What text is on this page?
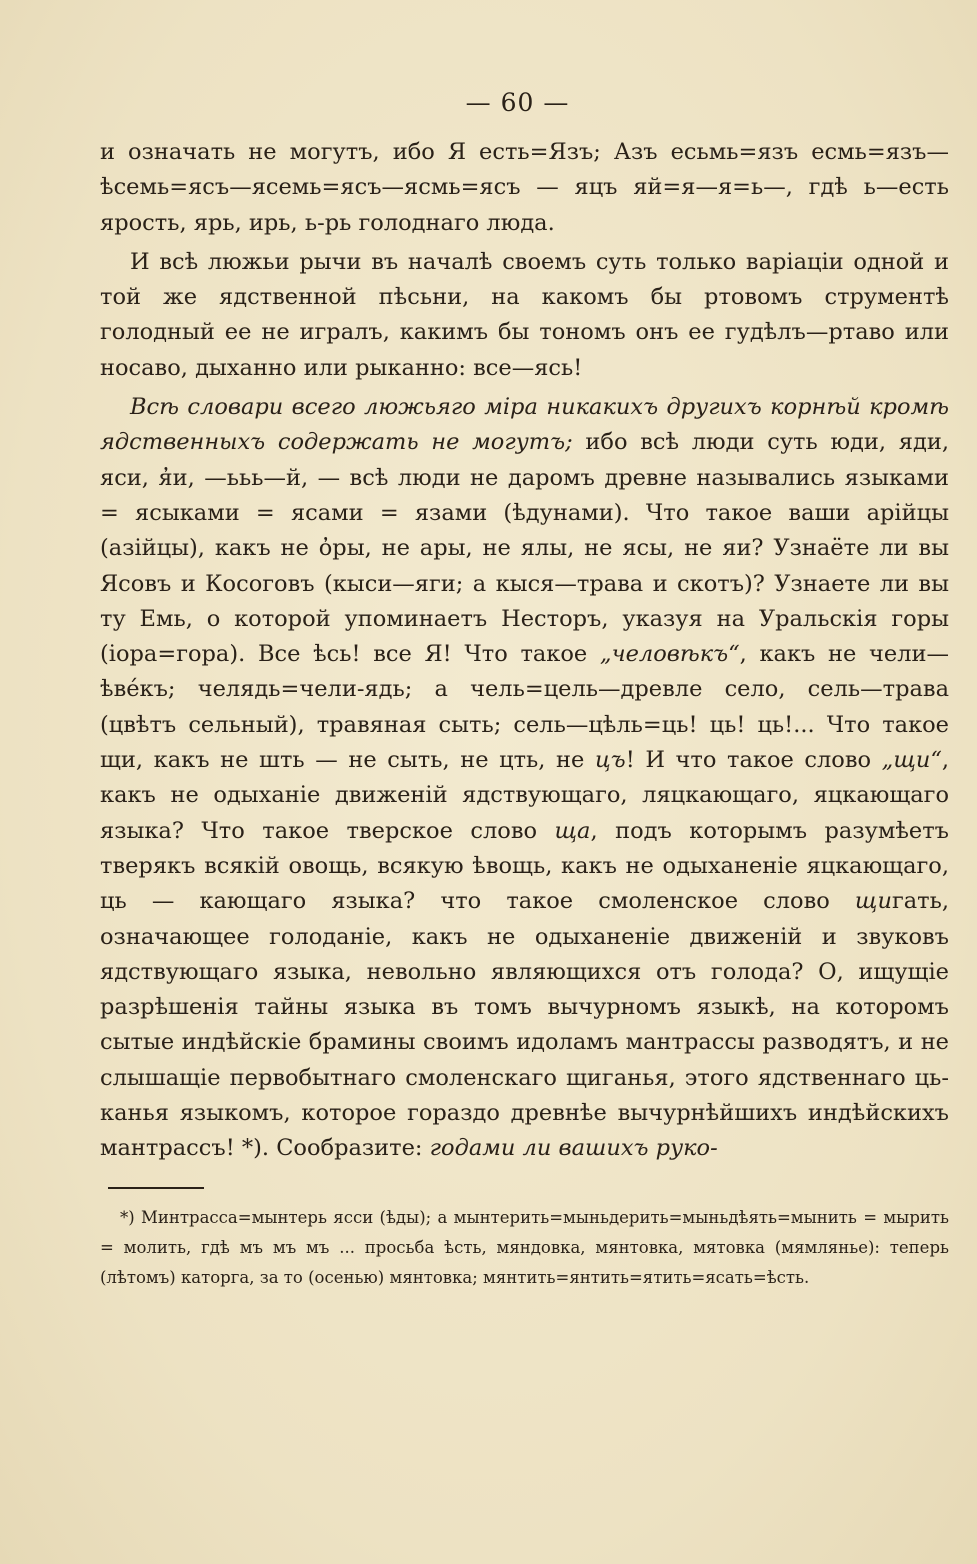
— 60 —

и означать не могутъ, ибо Я есть=Язъ; Азъ есьмь=язъ есмь=язъ—ѣсемь=ясъ—ясемь=ясъ—ясмь=ясъ — яцъ яй=я—я=ь—, гдѣ ь—есть ярость, ярь, ирь, ь-рь голоднаго люда.

И всѣ люжьи рычи въ началѣ своемъ суть только варіаціи одной и той же ядственной пѣсьни, на какомъ бы ртовомъ струментѣ голодный ее не игралъ, какимъ бы тономъ онъ ее гудѣлъ—ртаво или носаво, дыханно или рыканно: все—ясь!

Всѣ словари всего люжьяго міра никакихъ другихъ корнѣй кромѣ ядственныхъ содержать не могутъ; ибо всѣ люди суть юди, яди, яси, я̓и, —ььь—й, — всѣ люди не даромъ древне назывались языками = ясыками = ясами = язами (ѣдунами). Что такое ваши арійцы (азійцы), какъ не о̓ры, не ары, не ялы, не ясы, не яи? Узнаёте ли вы Ясовъ и Косоговъ (кыси—яги; а кыся—трава и скотъ)? Узнаете ли вы ту Емь, о которой упоминаетъ Несторъ, указуя на Уральскія горы (іора=гора). Все ѣсь! все Я! Что такое „человѣкъ“, какъ не чели—ѣве́къ; челядь=чели-ядь; а чель=цель—древле село, сель—трава (цвѣтъ сельный), травяная сыть; сель—цѣль=ць! ць! ць!... Что такое щи, какъ не шть — не сыть, не цть, не цъ! И что такое слово „щи“, какъ не одыханіе движеній ядствующаго, ляцкающаго, яцкающаго языка? Что такое тверское слово ща, подъ которымъ разумѣетъ тверякъ всякій овощь, всякую ѣвощь, какъ не одыханеніе яцкающаго, ць — кающаго языка? что такое смоленское слово щигать, означающее голоданіе, какъ не одыханеніе движеній и звуковъ ядствующаго языка, невольно являющихся отъ голода? О, ищущіе разрѣшенія тайны языка въ томъ вычурномъ языкѣ, на которомъ сытые индѣйскіе брамины своимъ идоламъ мантрассы разводятъ, и не слышащіе первобытнаго смоленскаго щиганья, этого ядственнаго ць-канья языкомъ, которое гораздо древнѣе вычурнѣйшихъ индѣйскихъ мантрассъ! *). Сообразите: годами ли вашихъ руко-

*) Минтрасса=мынтерь ясси (ѣды); а мынтерить=мыньдерить=мыньдѣять=мынить = мырить = молить, гдѣ мъ мъ мъ ... просьба ѣсть, мяндовка, мянтовка, мятовка (мямлянье): теперь (лѣтомъ) каторга, за то (осенью) мянтовка; мянтить=янтить=ятить=ясать=ѣсть.
